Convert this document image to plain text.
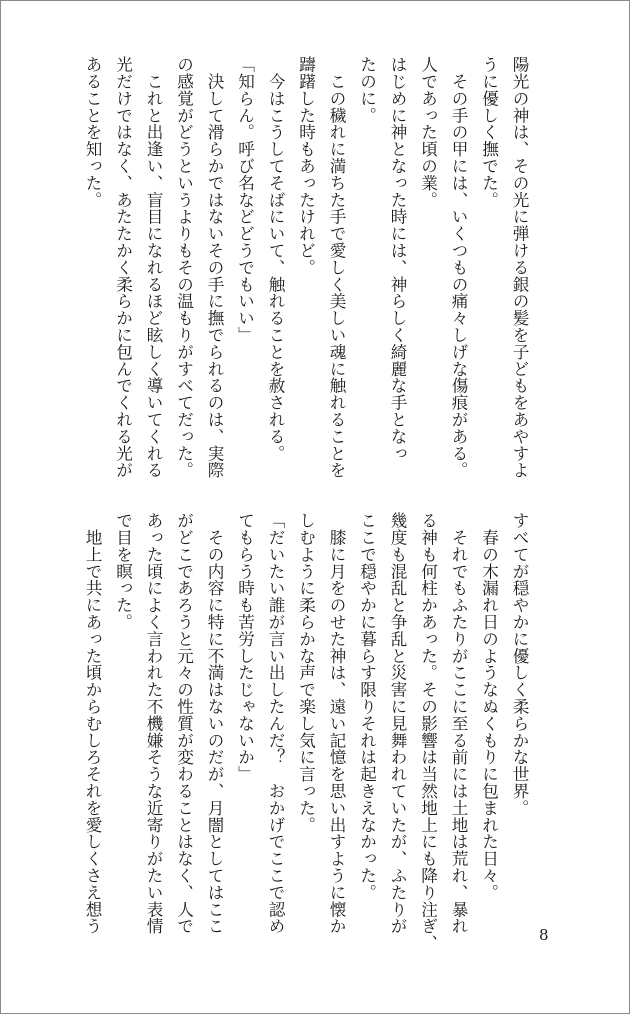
陽光の神は、その光に弾ける銀の髪を子どもをあやすよ
うに優しく撫でた。
　その手の甲には、いくつもの痛々しげな傷痕がある。
人であった頃の業。
はじめに神となった時には、神らしく綺麗な手となっ
たのに。
　この穢れに満ちた手で愛しく美しい魂に触れることを
躊躇した時もあったけれど。
　今はこうしてそばにいて、触れることを赦される。
「知らん。呼び名などどうでもいい」
　決して滑らかではないその手に撫でられるのは、実際
の感覚がどうというよりもその温もりがすべてだった。
　これと出逢い、盲目になれるほど眩しく導いてくれる
光だけではなく、あたたかく柔らかに包んでくれる光が
あることを知った。
すべてが穏やかに優しく柔らかな世界。
　春の木漏れ日のようなぬくもりに包まれた日々。
　それでもふたりがここに至る前には土地は荒れ、暴れ
る神も何柱かあった。その影響は当然地上にも降り注ぎ、
幾度も混乱と争乱と災害に見舞われていたが、ふたりが
ここで穏やかに暮らす限りそれは起きえなかった。
　膝に月をのせた神は、遠い記憶を思い出すように懐か
しむように柔らかな声で楽し気に言った。
「だいたい誰が言い出したんだ？　おかげでここで認め
てもらう時も苦労したじゃないか」
　その内容に特に不満はないのだが、月闇としてはここ
がどこであろうと元々の性質が変わることはなく、人で
あった頃によく言われた不機嫌そうな近寄りがたい表情
で目を瞑った。
　地上で共にあった頃からむしろそれを愛しくさえ想う
8
